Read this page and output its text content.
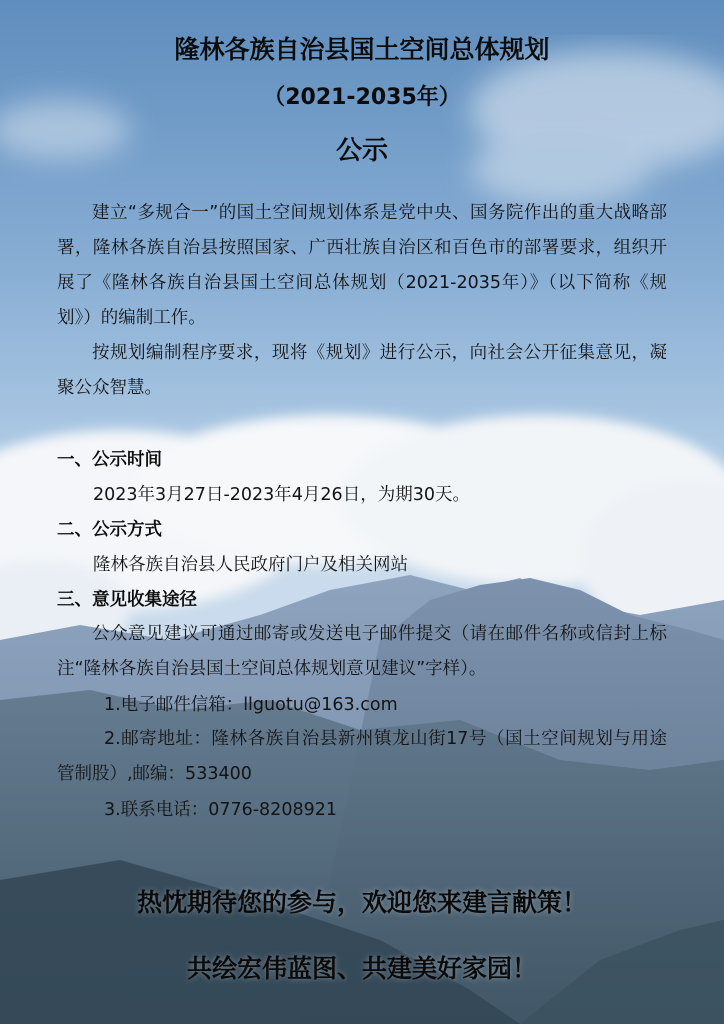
隆林各族自治县国土空间总体规划
（2021-2035年）
公示

建立“多规合一”的国土空间规划体系是党中央、国务院作出的重大战略部署，隆林各族自治县按照国家、广西壮族自治区和百色市的部署要求，组织开展了《隆林各族自治县国土空间总体规划（2021-2035年）》（以下简称《规划》）的编制工作。

按规划编制程序要求，现将《规划》进行公示，向社会公开征集意见，凝聚公众智慧。

一、公示时间
2023年3月27日-2023年4月26日，为期30天。
二、公示方式
隆林各族自治县人民政府门户及相关网站
三、意见收集途径

公众意见建议可通过邮寄或发送电子邮件提交（请在邮件名称或信封上标注“隆林各族自治县国土空间总体规划意见建议”字样）。

1.电子邮件信箱：llguotu@163.com

2.邮寄地址：隆林各族自治县新州镇龙山街17号（国土空间规划与用途管制股）,邮编：533400

3.联系电话：0776-8208921
热忱期待您的参与，欢迎您来建言献策！
共绘宏伟蓝图、共建美好家园！
